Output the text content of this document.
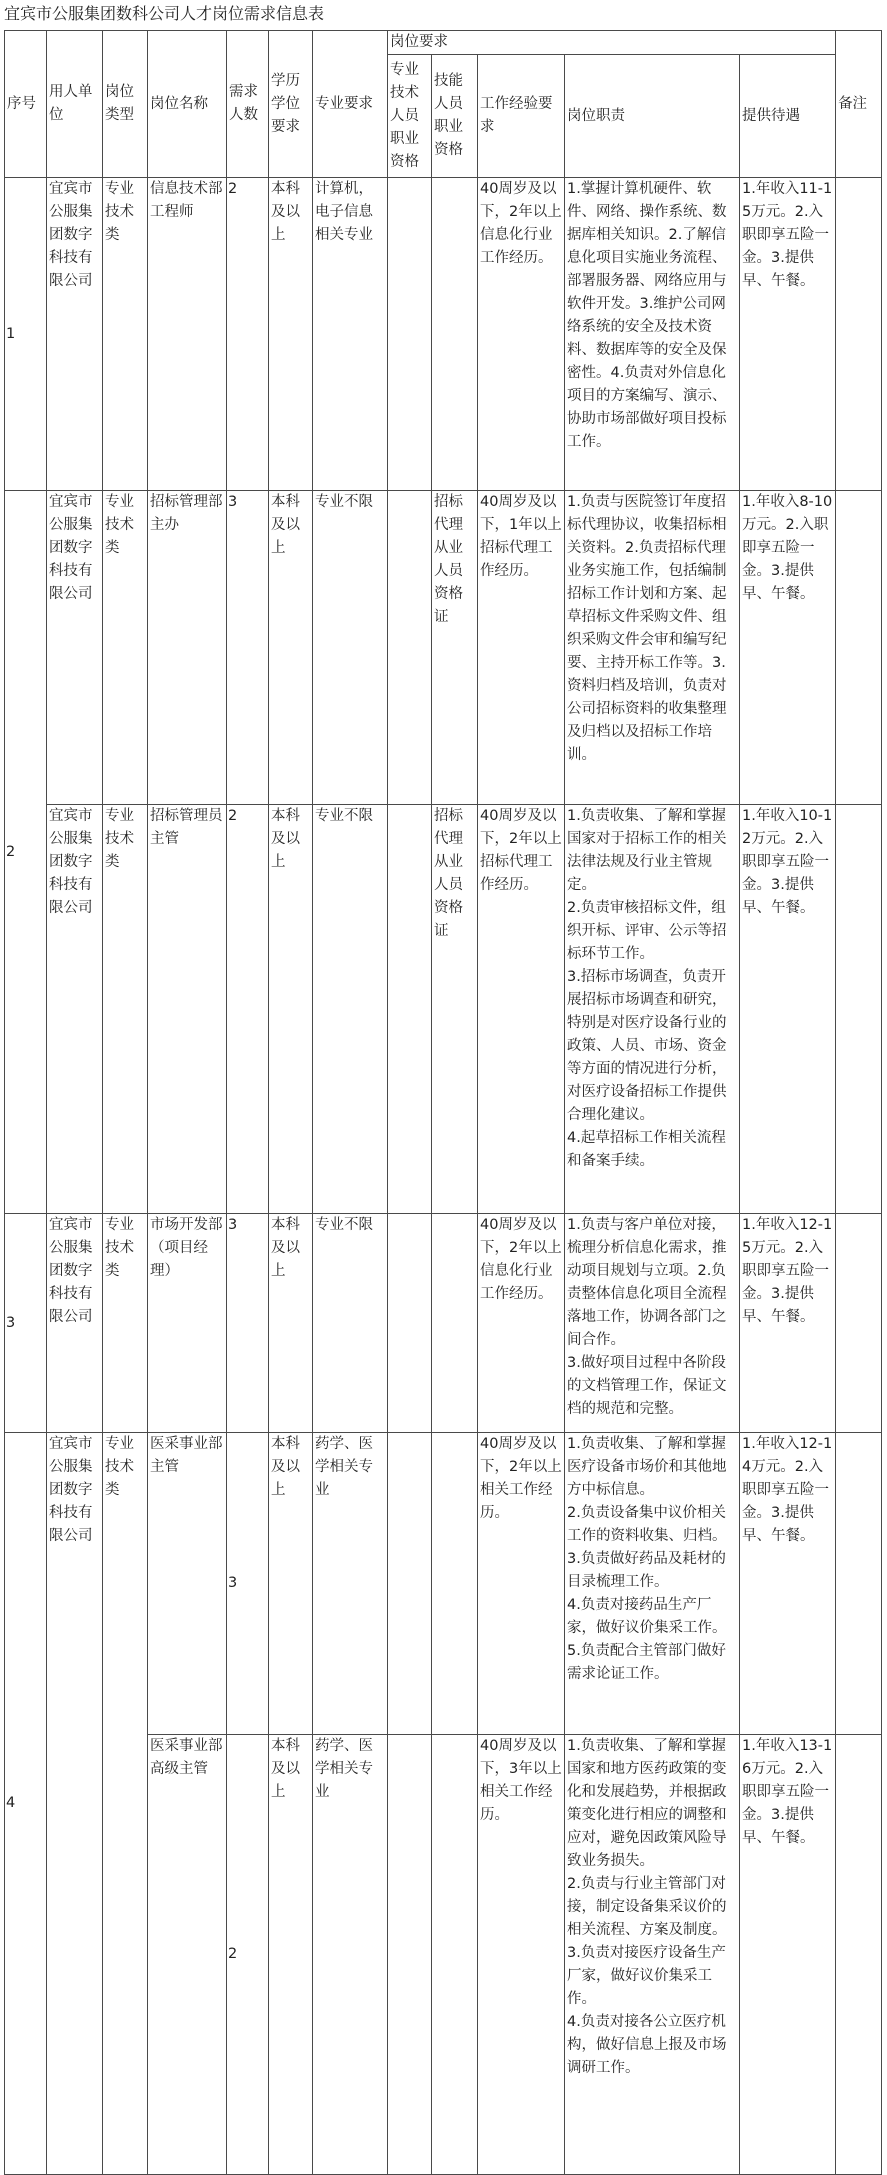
宜宾市公服集团数科公司人才岗位需求信息表
序号	用人单位	岗位类型	岗位名称	需求人数	学历学位要求	专业要求	岗位要求					备注
							专业技术人员职业资格	技能人员职业资格	工作经验要求	岗位职责	提供待遇	
1	宜宾市公服集团数字科技有限公司	专业技术类	信息技术部工程师	2	本科及以上	计算机，电子信息相关专业			40周岁及以下，2年以上信息化行业工作经历。	1.掌握计算机硬件、软件、网络、操作系统、数据库相关知识。2.了解信息化项目实施业务流程、部署服务器、网络应用与软件开发。3.维护公司网络系统的安全及技术资料、数据库等的安全及保密性。4.负责对外信息化项目的方案编写、演示、协助市场部做好项目投标工作。	1.年收入11-15万元。2.入职即享五险一金。3.提供早、午餐。	
2	宜宾市公服集团数字科技有限公司	专业技术类	招标管理部主办	3	本科及以上	专业不限		招标代理从业人员资格证	40周岁及以下，1年以上招标代理工作经历。	1.负责与医院签订年度招标代理协议，收集招标相关资料。2.负责招标代理业务实施工作，包括编制招标工作计划和方案、起草招标文件采购文件、组织采购文件会审和编写纪要、主持开标工作等。3.资料归档及培训，负责对公司招标资料的收集整理及归档以及招标工作培训。	1.年收入8-10万元。2.入职即享五险一金。3.提供早、午餐。	
	宜宾市公服集团数字科技有限公司	专业技术类	招标管理员主管	2	本科及以上	专业不限		招标代理从业人员资格证	40周岁及以下，2年以上招标代理工作经历。	1.负责收集、了解和掌握国家对于招标工作的相关法律法规及行业主管规定。
2.负责审核招标文件，组织开标、评审、公示等招标环节工作。
3.招标市场调查，负责开展招标市场调查和研究，特别是对医疗设备行业的政策、人员、市场、资金等方面的情况进行分析，对医疗设备招标工作提供合理化建议。
4.起草招标工作相关流程和备案手续。	1.年收入10-12万元。2.入职即享五险一金。3.提供早、午餐。	
3	宜宾市公服集团数字科技有限公司	专业技术类	市场开发部（项目经理）	3	本科及以上	专业不限			40周岁及以下，2年以上信息化行业工作经历。	1.负责与客户单位对接，梳理分析信息化需求，推动项目规划与立项。2.负责整体信息化项目全流程落地工作，协调各部门之间合作。
3.做好项目过程中各阶段的文档管理工作，保证文档的规范和完整。	1.年收入12-15万元。2.入职即享五险一金。3.提供早、午餐。	
4	宜宾市公服集团数字科技有限公司	专业技术类	医采事业部主管	3	本科及以上	药学、医学相关专业			40周岁及以下，2年以上相关工作经历。	1.负责收集、了解和掌握医疗设备市场价和其他地方中标信息。
2.负责设备集中议价相关工作的资料收集、归档。
3.负责做好药品及耗材的目录梳理工作。
4.负责对接药品生产厂家，做好议价集采工作。
5.负责配合主管部门做好需求论证工作。	1.年收入12-14万元。2.入职即享五险一金。3.提供早、午餐。	
			医采事业部高级主管	2	本科及以上	药学、医学相关专业			40周岁及以下，3年以上相关工作经历。	1.负责收集、了解和掌握国家和地方医药政策的变化和发展趋势，并根据政策变化进行相应的调整和应对，避免因政策风险导致业务损失。
2.负责与行业主管部门对接，制定设备集采议价的相关流程、方案及制度。
3.负责对接医疗设备生产厂家，做好议价集采工作。
4.负责对接各公立医疗机构，做好信息上报及市场调研工作。	1.年收入13-16万元。2.入职即享五险一金。3.提供早、午餐。	
